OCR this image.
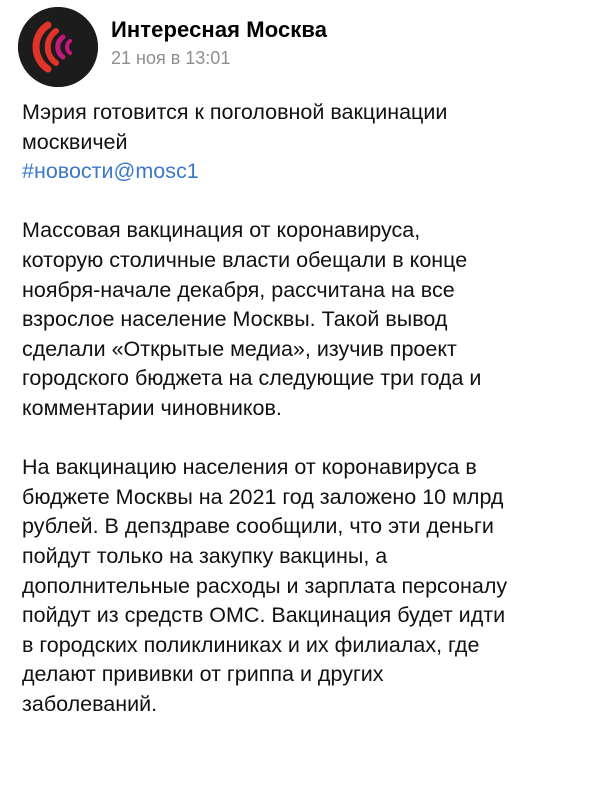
Интересная Москва
21 ноя в 13:01

Мэрия готовится к поголовной вакцинации

москвичей

#новости@mosc1

Массовая вакцинация от коронавируса,

которую столичные власти обещали в конце

ноября-начале декабря, рассчитана на все

взрослое население Москвы. Такой вывод

сделали «Открытые медиа», изучив проект

городского бюджета на следующие три года и

комментарии чиновников.

На вакцинацию населения от коронавируса в

бюджете Москвы на 2021 год заложено 10 млрд

рублей. В депздраве сообщили, что эти деньги

пойдут только на закупку вакцины, а

дополнительные расходы и зарплата персоналу

пойдут из средств ОМС. Вакцинация будет идти

в городских поликлиниках и их филиалах, где

делают прививки от гриппа и других

заболеваний.
